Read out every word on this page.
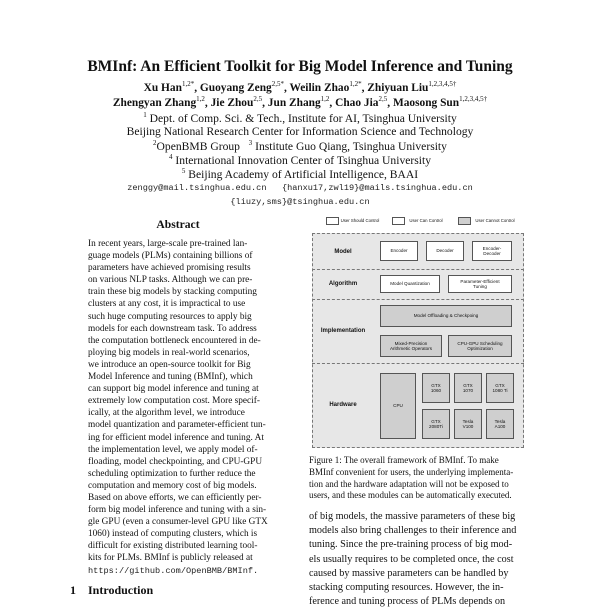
BMInf: An Efficient Toolkit for Big Model Inference and Tuning
Xu Han$^{1,2*}$, Guoyang Zeng$^{2,5*}$, Weilin Zhao$^{1,2*}$, Zhiyuan Liu$^{1,2,3,4,5\dagger}$
Zhengyan Zhang$^{1,2}$, Jie Zhou$^{2,5}$, Jun Zhang$^{1,2}$, Chao Jia$^{2,5}$, Maosong Sun$^{1,2,3,4,5\dagger}$
$^1$ Dept. of Comp. Sci. & Tech., Institute for AI, Tsinghua University
Beijing National Research Center for Information Science and Technology
$^2$OpenBMB Group $^3$ Institute Guo Qiang, Tsinghua University
$^4$ International Innovation Center of Tsinghua University
$^5$ Beijing Academy of Artificial Intelligence, BAAI
zenggy@mail.tsinghua.edu.cn   {hanxu17,zwl19}@mails.tsinghua.edu.cn
{liuzy,sms}@tsinghua.edu.cn
Abstract
In recent years, large-scale pre-trained lan-
guage models (PLMs) containing billions of
parameters have achieved promising results
on various NLP tasks. Although we can pre-
train these big models by stacking computing
clusters at any cost, it is impractical to use
such huge computing resources to apply big
models for each downstream task. To address
the computation bottleneck encountered in de-
ploying big models in real-world scenarios,
we introduce an open-source toolkit for Big
Model Inference and tuning (BMInf), which
can support big model inference and tuning at
extremely low computation cost. More specif-
ically, at the algorithm level, we introduce
model quantization and parameter-efficient tun-
ing for efficient model inference and tuning. At
the implementation level, we apply model of-
floading, model checkpointing, and CPU-GPU
scheduling optimization to further reduce the
computation and memory cost of big models.
Based on above efforts, we can efficiently per-
form big model inference and tuning with a sin-
gle GPU (even a consumer-level GPU like GTX
1060) instead of computing clusters, which is
difficult for existing distributed learning tool-
kits for PLMs. BMInf is publicly released at
https://github.com/OpenBMB/BMInf.
1 Introduction
User Should Control	User Can Control	User Cannot Control
Model	Encoder	Decoder
Encoder-
Decoder
Algorithm	Model Quantization
Parameter-Efficient
Tuning
Implementation
Model Offloading & Checkpoing
Mixed-Precision
Arithmetic Operators
CPU-GPU Scheduling
Optimization
Hardware	CPU
GTX
1060
GTX
1070
GTX
1080 Ti
GTX
2080Ti
Tesla
V100
Tesla
A100
Figure 1: The overall framework of BMInf. To make
BMInf convenient for users, the underlying implementa-
tion and the hardware adaptation will not be exposed to
users, and these modules can be automatically executed.
of big models, the massive parameters of these big
models also bring challenges to their inference and
tuning. Since the pre-training process of big mod-
els usually requires to be completed once, the cost
caused by massive parameters can be handled by
stacking computing resources. However, the in-
ference and tuning process of PLMs depends on
